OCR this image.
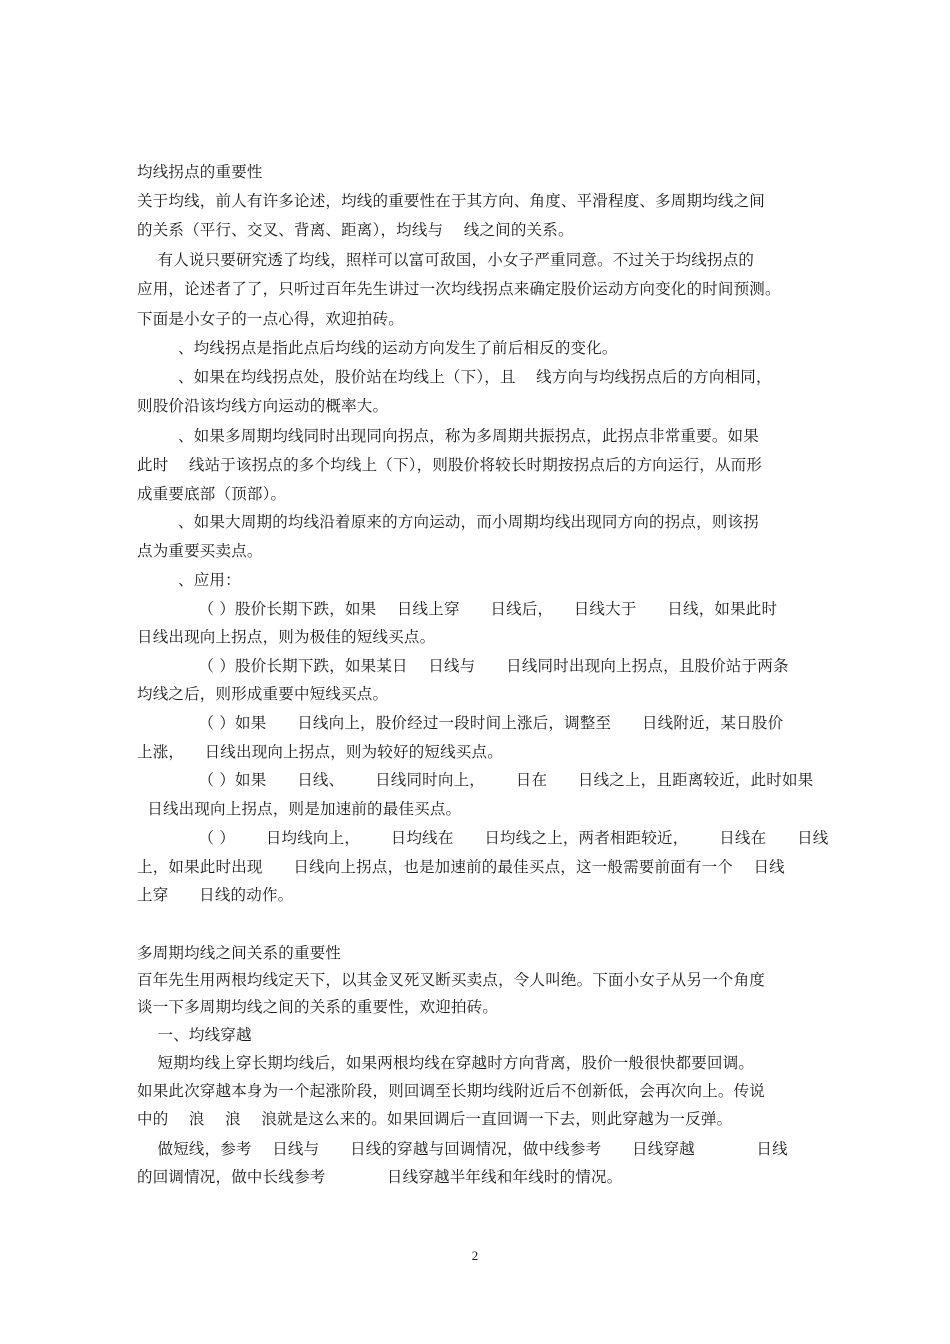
均线拐点的重要性
关于均线，前人有许多论述，均线的重要性在于其方向、角度、平滑程度、多周期均线之间
的关系（平行、交叉、背离、距离），均线与    线之间的关系。
有人说只要研究透了均线，照样可以富可敌国，小女子严重同意。不过关于均线拐点的
应用，论述者了了，只听过百年先生讲过一次均线拐点来确定股价运动方向变化的时间预测。
下面是小女子的一点心得，欢迎拍砖。
、均线拐点是指此点后均线的运动方向发生了前后相反的变化。
、如果在均线拐点处，股价站在均线上（下），且    线方向与均线拐点后的方向相同，
则股价沿该均线方向运动的概率大。
、如果多周期均线同时出现同向拐点，称为多周期共振拐点，此拐点非常重要。如果
此时    线站于该拐点的多个均线上（下），则股价将较长时期按拐点后的方向运行，从而形
成重要底部（顶部）。
、如果大周期的均线沿着原来的方向运动，而小周期均线出现同方向的拐点，则该拐
点为重要买卖点。
、应用：
（ ）股价长期下跌，如果    日线上穿      日线后，    日线大于      日线，如果此时
日线出现向上拐点，则为极佳的短线买点。
（ ）股价长期下跌，如果某日    日线与      日线同时出现向上拐点，且股价站于两条
均线之后，则形成重要中短线买点。
（ ）如果      日线向上，股价经过一段时间上涨后，调整至      日线附近，某日股价
上涨，    日线出现向上拐点，则为较好的短线买点。
（ ）如果      日线、      日线同时向上，      日在      日线之上，且距离较近，此时如果
日线出现向上拐点，则是加速前的最佳买点。
（ ）      日均线向上，      日均线在      日均线之上，两者相距较近，      日线在      日线
上，如果此时出现      日线向上拐点，也是加速前的最佳买点，这一般需要前面有一个    日线
上穿      日线的动作。
多周期均线之间关系的重要性
百年先生用两根均线定天下，以其金叉死叉断买卖点，令人叫绝。下面小女子从另一个角度
谈一下多周期均线之间的关系的重要性，欢迎拍砖。
一、均线穿越
短期均线上穿长期均线后，如果两根均线在穿越时方向背离，股价一般很快都要回调。
如果此次穿越本身为一个起涨阶段，则回调至长期均线附近后不创新低，会再次向上。传说
中的    浪    浪    浪就是这么来的。如果回调后一直回调一下去，则此穿越为一反弹。
做短线，参考    日线与      日线的穿越与回调情况，做中线参考      日线穿越            日线
的回调情况，做中长线参考            日线穿越半年线和年线时的情况。
2
